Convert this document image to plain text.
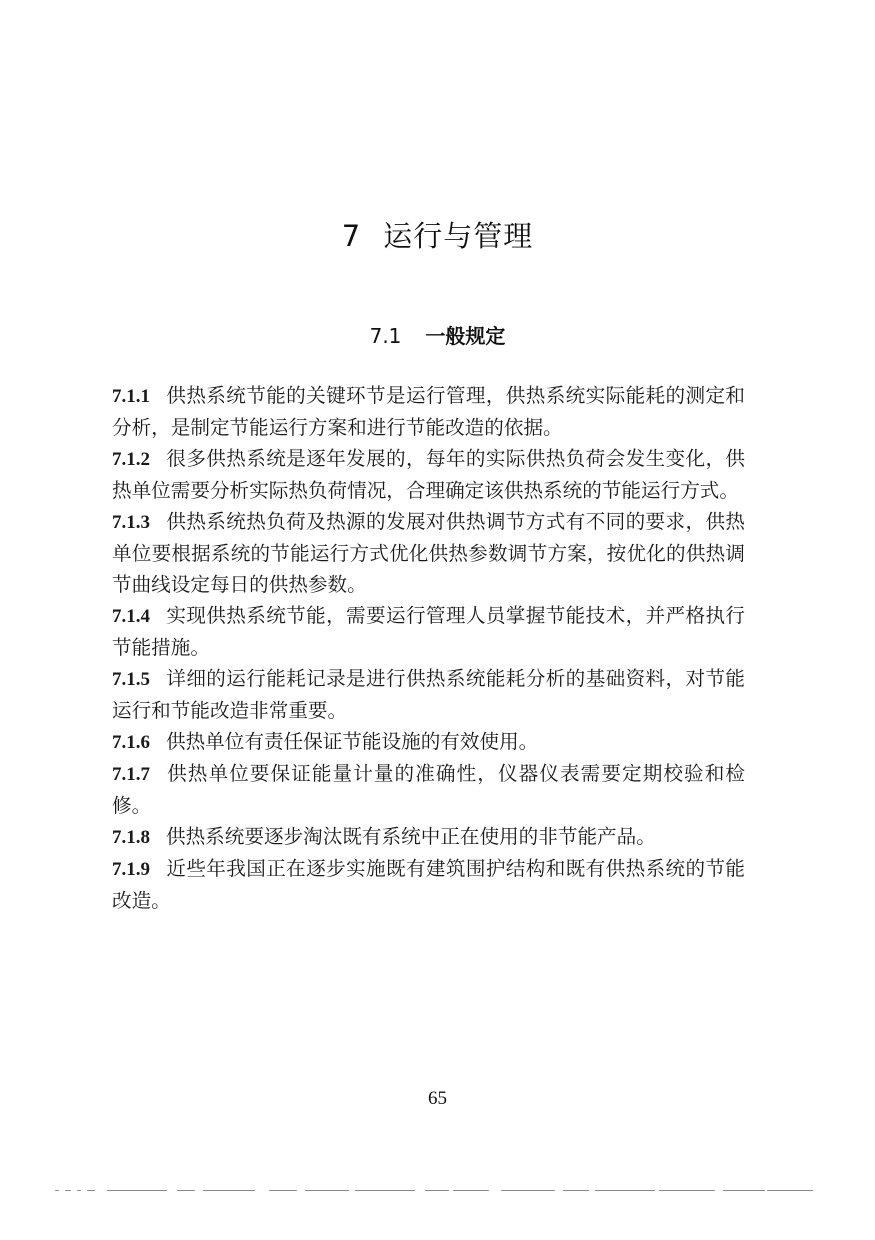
7 运行与管理
7.1 一般规定

7.1.1 供热系统节能的关键环节是运行管理，供热系统实际能耗的测定和分析，是制定节能运行方案和进行节能改造的依据。

7.1.2 很多供热系统是逐年发展的，每年的实际供热负荷会发生变化，供热单位需要分析实际热负荷情况，合理确定该供热系统的节能运行方式。

7.1.3 供热系统热负荷及热源的发展对供热调节方式有不同的要求，供热单位要根据系统的节能运行方式优化供热参数调节方案，按优化的供热调节曲线设定每日的供热参数。

7.1.4 实现供热系统节能，需要运行管理人员掌握节能技术，并严格执行节能措施。

7.1.5 详细的运行能耗记录是进行供热系统能耗分析的基础资料，对节能运行和节能改造非常重要。

7.1.6 供热单位有责任保证节能设施的有效使用。

7.1.7 供热单位要保证能量计量的准确性，仪器仪表需要定期校验和检修。

7.1.8 供热系统要逐步淘汰既有系统中正在使用的非节能产品。

7.1.9 近些年我国正在逐步实施既有建筑围护结构和既有供热系统的节能改造。

65
